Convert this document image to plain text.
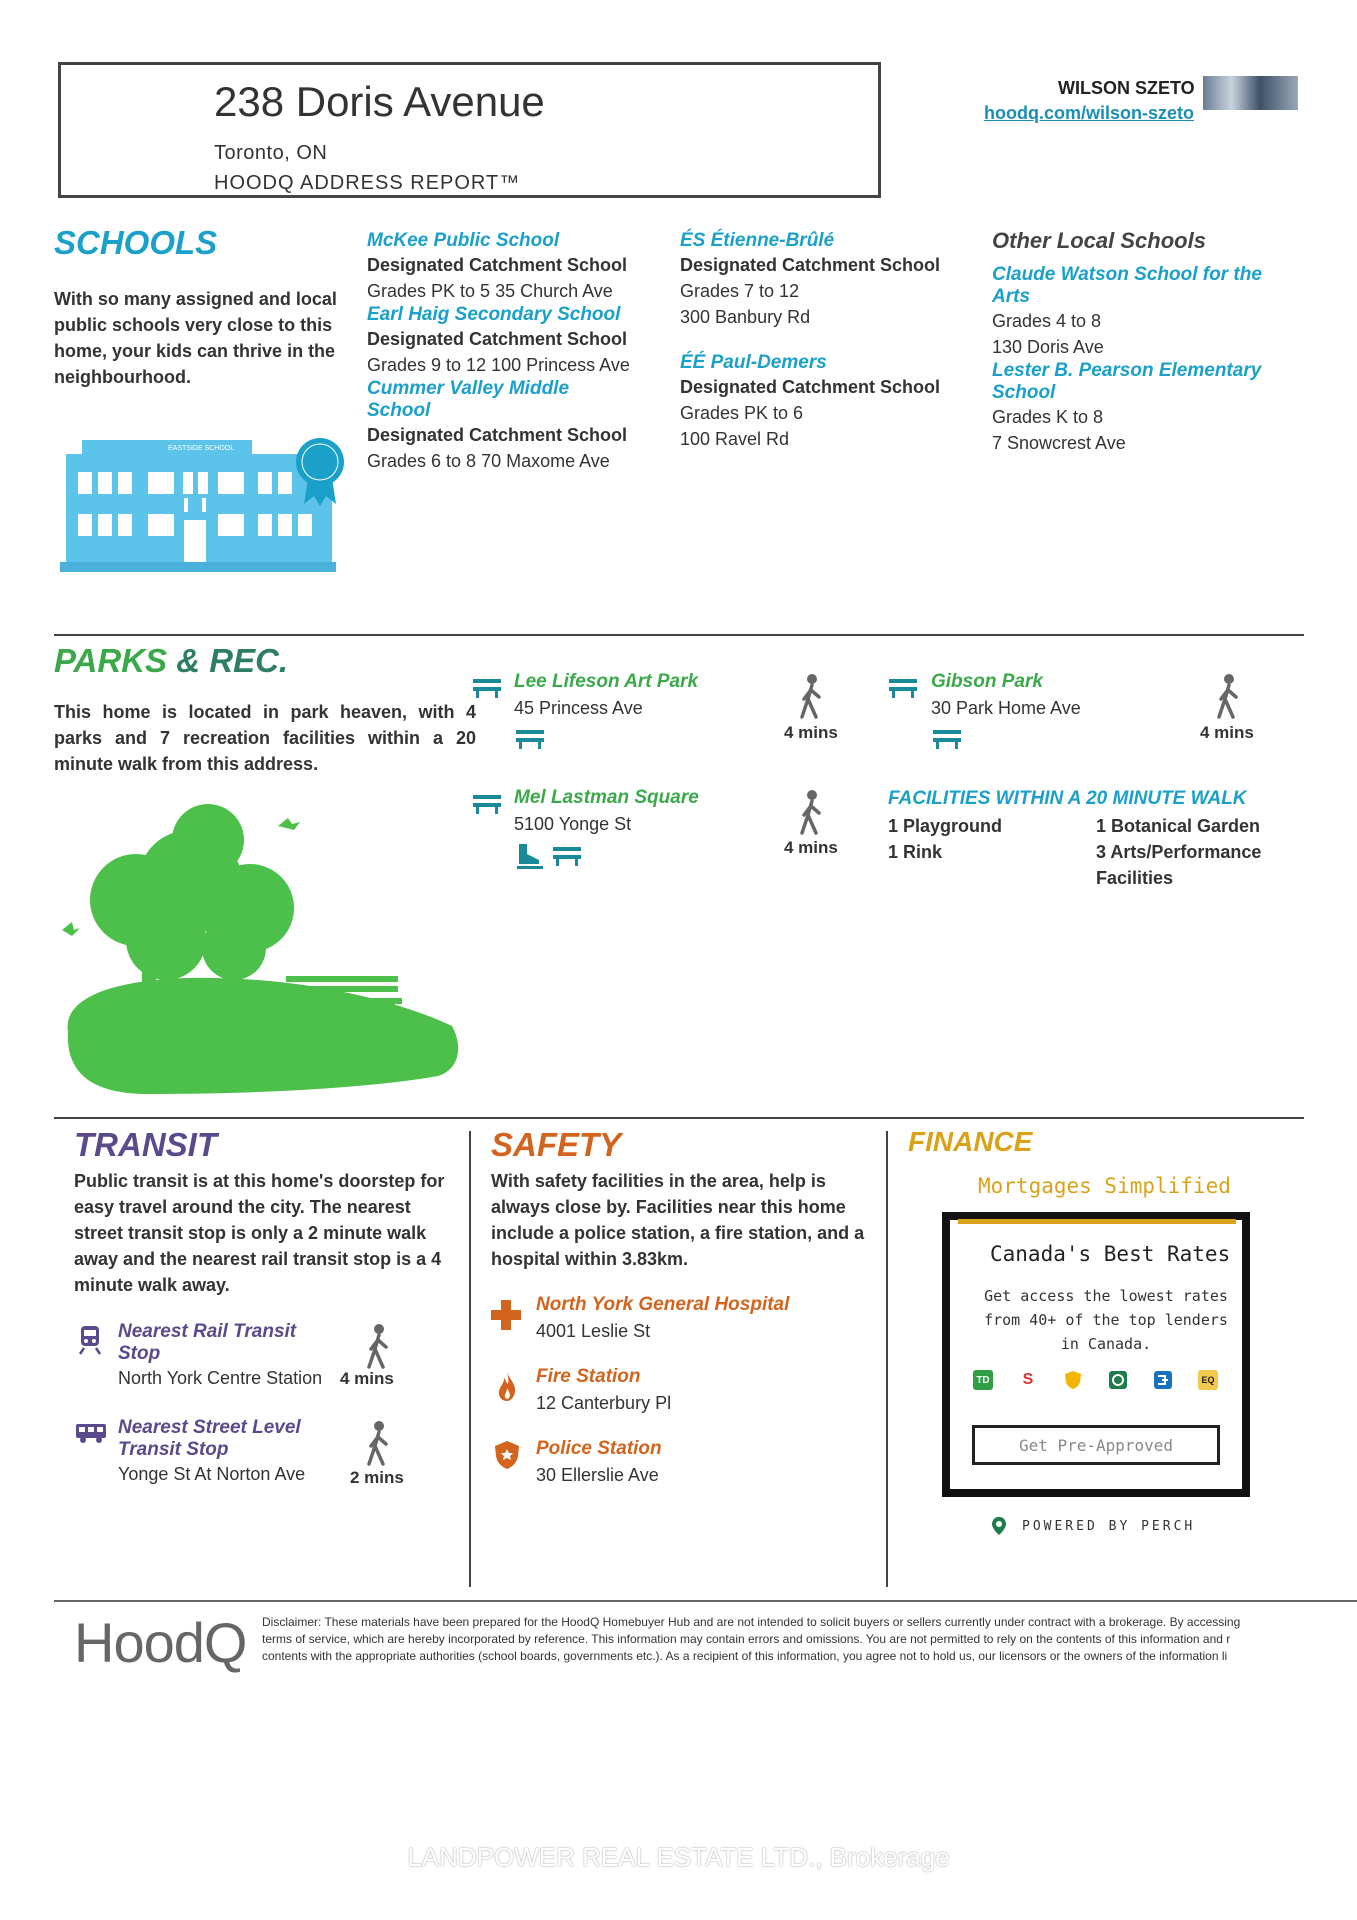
238 Doris Avenue
Toronto, ON
HOODQ ADDRESS REPORT™
WILSON SZETO
hoodq.com/wilson-szeto
SCHOOLS
With so many assigned and local public schools very close to this home, your kids can thrive in the neighbourhood.
EASTSIDE SCHOOL
McKee Public School
Designated Catchment School
Grades PK to 5 35 Church Ave
Earl Haig Secondary School
Designated Catchment School
Grades 9 to 12 100 Princess Ave
Cummer Valley Middle School
Designated Catchment School
Grades 6 to 8 70 Maxome Ave
ÉS Étienne-Brûlé
Designated Catchment School
Grades 7 to 12
300 Banbury Rd
ÉÉ Paul-Demers
Designated Catchment School
Grades PK to 6
100 Ravel Rd
Other Local Schools
Claude Watson School for the Arts
Grades 4 to 8
130 Doris Ave
Lester B. Pearson Elementary School
Grades K to 8
7 Snowcrest Ave
PARKS & REC.
This home is located in park heaven, with 4 parks and 7 recreation facilities within a 20 minute walk from this address.
Lee Lifeson Art Park
45 Princess Ave
4 mins
Gibson Park
30 Park Home Ave
4 mins
Mel Lastman Square
5100 Yonge St
4 mins
FACILITIES WITHIN A 20 MINUTE WALK
1 Playground
1 Rink
1 Botanical Garden
3 Arts/Performance Facilities
TRANSIT
Public transit is at this home's doorstep for easy travel around the city. The nearest street transit stop is only a 2 minute walk away and the nearest rail transit stop is a 4 minute walk away.
Nearest Rail Transit Stop
North York Centre Station 4 mins
Nearest Street Level Transit Stop
Yonge St At Norton Ave	2 mins
SAFETY
With safety facilities in the area, help is always close by. Facilities near this home include a police station, a fire station, and a hospital within 3.83km.
North York General Hospital
4001 Leslie St
Fire Station
12 Canterbury Pl
Police Station
30 Ellerslie Ave
FINANCE
Mortgages Simplified
Canada's Best Rates
Get access the lowest rates from 40+ of the top lenders in Canada.
TD S	EQ
Get Pre-Approved
POWERED BY PERCH
HoodQ Disclaimer: These materials have been prepared for the HoodQ Homebuyer Hub and are not intended to solicit buyers or sellers currently under contract with a brokerage. By accessing
terms of service, which are hereby incorporated by reference. This information may contain errors and omissions. You are not permitted to rely on the contents of this information and r
contents with the appropriate authorities (school boards, governments etc.). As a recipient of this information, you agree not to hold us, our licensors or the owners of the information li
LANDPOWER REAL ESTATE LTD., Brokerage
